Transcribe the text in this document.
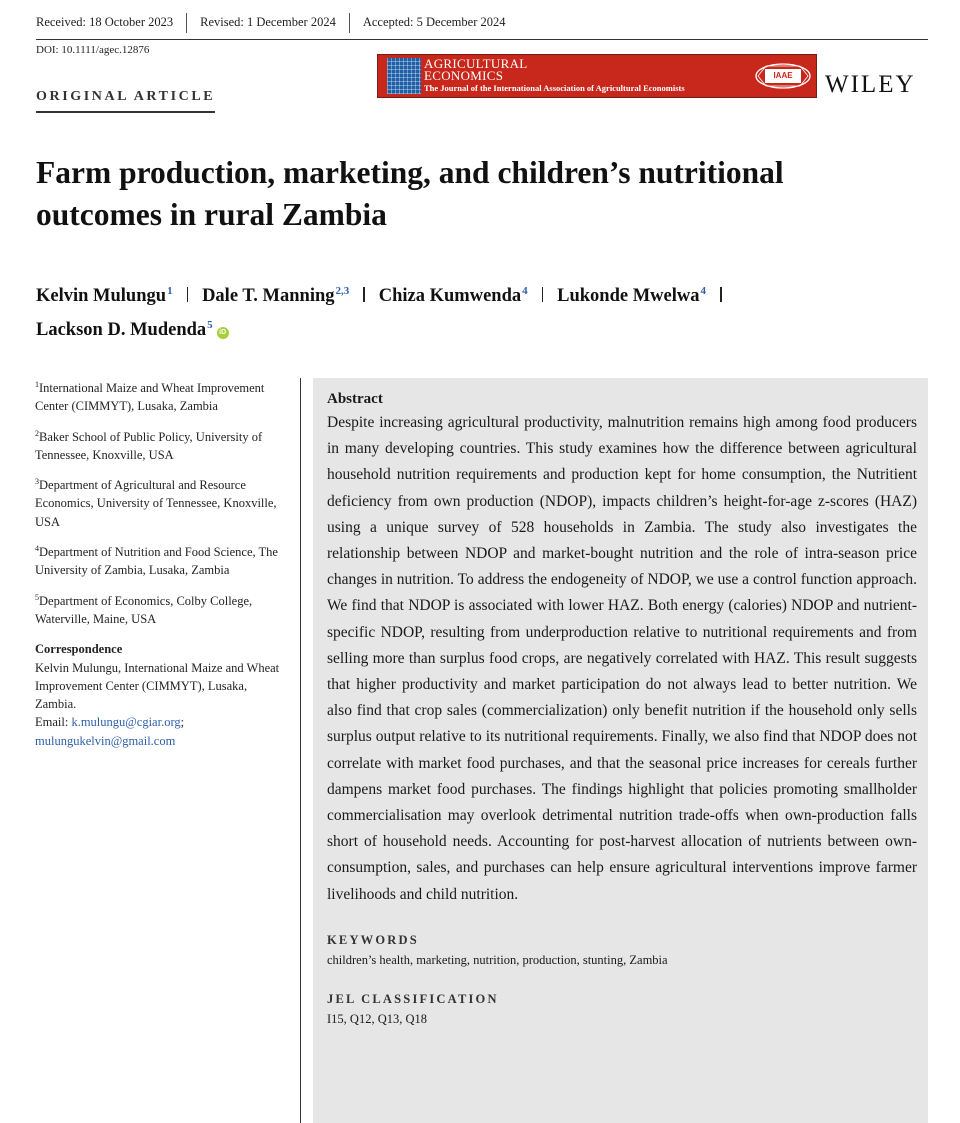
Received: 18 October 2023 Revised: 1 December 2024 Accepted: 5 December 2024
DOI: 10.1111/agec.12876
ORIGINAL ARTICLE
AGRICULTURAL
ECONOMICS
The Journal of the International Association of Agricultural Economists
IAAE	WILEY
Farm production, marketing, and children’s nutritional outcomes in rural Zambia
Kelvin Mulungu$^1$ Dale T. Manning$^{2,3}$ Chiza Kumwenda$^4$ Lukonde Mwelwa$^4$
Lackson D. Mudenda$^5$iD
$^1$International Maize and Wheat Improvement Center (CIMMYT), Lusaka, Zambia
$^2$Baker School of Public Policy, University of Tennessee, Knoxville, USA
$^3$Department of Agricultural and Resource Economics, University of Tennessee, Knoxville, USA
$^4$Department of Nutrition and Food Science, The University of Zambia, Lusaka, Zambia
$^5$Department of Economics, Colby College, Waterville, Maine, USA
Correspondence
Kelvin Mulungu, International Maize and Wheat Improvement Center (CIMMYT), Lusaka, Zambia.
Email: k.mulungu@cgiar.org;
mulungukelvin@gmail.com
Abstract
Despite increasing agricultural productivity, malnutrition remains high among food producers in many developing countries. This study examines how the difference between agricultural household nutrition requirements and production kept for home consumption, the Nutritient deficiency from own production (NDOP), impacts children’s height-for-age z-scores (HAZ) using a unique survey of 528 households in Zambia. The study also investigates the relationship between NDOP and market-bought nutrition and the role of intra-season price changes in nutrition. To address the endogeneity of NDOP, we use a control function approach. We find that NDOP is associated with lower HAZ. Both energy (calories) NDOP and nutrient-specific NDOP, resulting from underproduction relative to nutritional requirements and from selling more than surplus food crops, are negatively correlated with HAZ. This result suggests that higher productivity and market participation do not always lead to better nutrition. We also find that crop sales (commercialization) only benefit nutrition if the household only sells surplus output relative to its nutritional requirements. Finally, we also find that NDOP does not correlate with market food purchases, and that the seasonal price increases for cereals further dampens market food purchases. The findings highlight that policies promoting smallholder commercialisation may overlook detrimental nutrition trade-offs when own-production falls short of household needs. Accounting for post-harvest allocation of nutrients between own-consumption, sales, and purchases can help ensure agricultural interventions improve farmer livelihoods and child nutrition.
KEYWORDS
children’s health, marketing, nutrition, production, stunting, Zambia
JEL CLASSIFICATION
I15, Q12, Q13, Q18
